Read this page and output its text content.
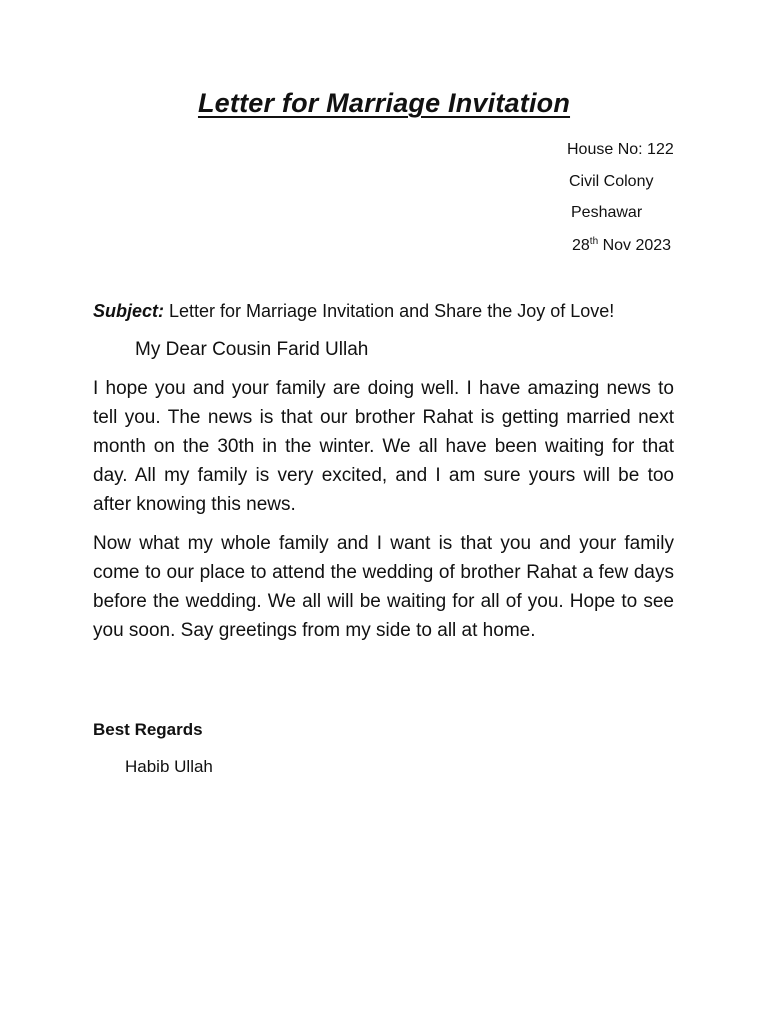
Letter for Marriage Invitation
House No: 122
Civil Colony
Peshawar
28th Nov 2023
Subject: Letter for Marriage Invitation and Share the Joy of Love!
My Dear Cousin Farid Ullah

I hope you and your family are doing well. I have amazing news to tell you. The news is that our brother Rahat is getting married next month on the 30th in the winter. We all have been waiting for that day. All my family is very excited, and I am sure yours will be too after knowing this news.

Now what my whole family and I want is that you and your family come to our place to attend the wedding of brother Rahat a few days before the wedding. We all will be waiting for all of you. Hope to see you soon. Say greetings from my side to all at home.

Best Regards
Habib Ullah
